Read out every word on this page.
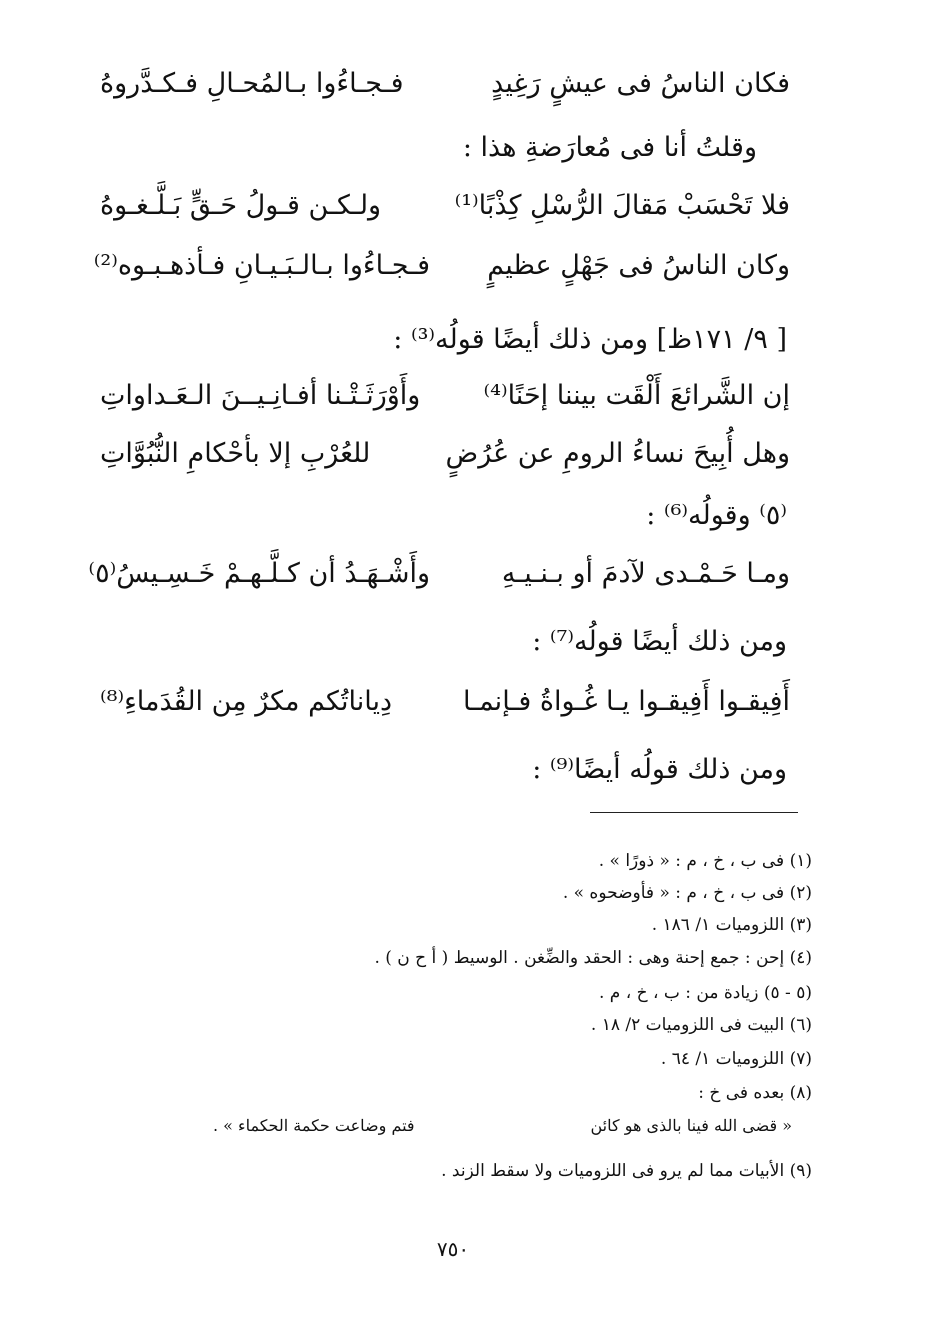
فكان الناسُ فى عيشٍ رَغِيدٍ
فـجـاءُوا بـالمُحـالِ فـكـدَّروهُ
وقلتُ أنا فى مُعارَضةِ هذا :
فلا تَحْسَبْ مَقالَ الرُّسْلِ كِذْبًا⁽¹⁾
ولـكـن قـولُ حَـقٍّ بَـلَّـغـوهُ
وكان الناسُ فى جَهْلٍ عظيمٍ
فـجـاءُوا بـالـبَـيـانِ فـأذهـبـوه⁽²⁾
[ ٩/ ١٧١ظ] ومن ذلك أيضًا قولُه⁽³⁾ :
إن الشَّرائعَ أَلْقَت بيننا إحَنًا⁽⁴⁾
وأَوْرَثَـتْـنا أفـانِـيــنَ الـعَـداواتِ
وهل أُبِيحَ نساءُ الرومِ عن عُرُضٍ
للعُرْبِ إلا بأحْكامِ النُّبُوَّاتِ
⁽٥⁾ وقولُه⁽⁶⁾ :
ومـا حَـمْـدى لآدمَ أو بـنـيـهِ
وأَشْـهَـدُ أن كـلَّـهـمْ خَـسِـيسُ⁽٥⁾
ومن ذلك أيضًا قولُه⁽⁷⁾ :
أَفِيقـوا أَفِيقـوا يـا غُـواةُ فـإنمـا
دِياناتُكم مكرٌ مِن القُدَماءِ⁽⁸⁾
ومن ذلك قولُه أيضًا⁽⁹⁾ :
(١) فى ب ، خ ، م : « ذورًا » .
(٢) فى ب ، خ ، م : « فأوضحوه » .
(٣) اللزوميات ١/ ١٨٦ .
(٤) إحن : جمع إحنة وهى : الحقد والضِّغن . الوسيط ( أ ح ن ) .
(٥ - ٥) زيادة من : ب ، خ ، م .
(٦) البيت فى اللزوميات ٢/ ١٨ .
(٧) اللزوميات ١/ ٦٤ .
(٨) بعده فى خ :
« قضى الله فينا بالذى هو كائن
فتم وضاعت حكمة الحكماء » .
(٩) الأبيات مما لم يرو فى اللزوميات ولا سقط الزند .
٧٥٠
